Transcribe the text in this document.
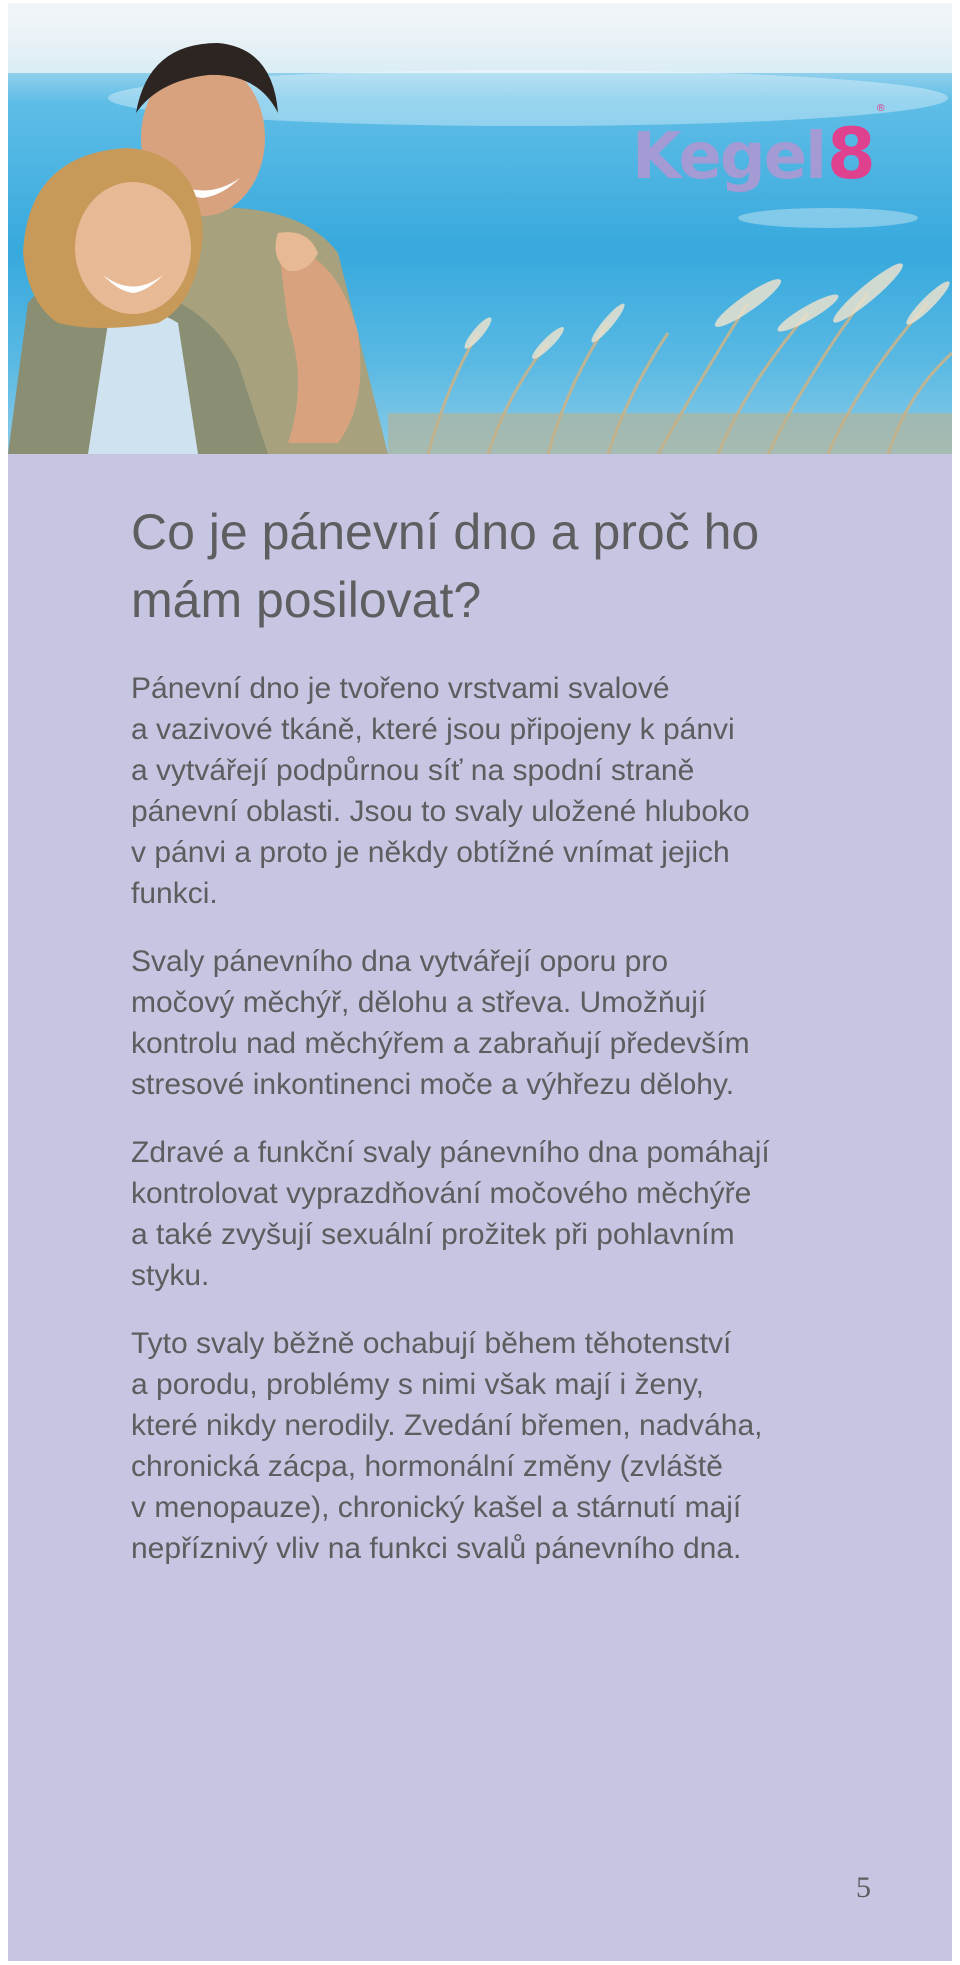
Kegel 8
®
Co je pánevní dno a proč ho mám posilovat?

Pánevní dno je tvořeno vrstvami svalové
a vazivové tkáně, které jsou připojeny k pánvi
a vytvářejí podpůrnou síť na spodní straně
pánevní oblasti. Jsou to svaly uložené hluboko
v pánvi a proto je někdy obtížné vnímat jejich
funkci.

Svaly pánevního dna vytvářejí oporu pro
močový měchýř, dělohu a střeva. Umožňují
kontrolu nad měchýřem a zabraňují především
stresové inkontinenci moče a výhřezu dělohy.

Zdravé a funkční svaly pánevního dna pomáhají
kontrolovat vyprazdňování močového měchýře
a také zvyšují sexuální prožitek při pohlavním
styku.

Tyto svaly běžně ochabují během těhotenství
a porodu, problémy s nimi však mají i ženy,
které nikdy nerodily. Zvedání břemen, nadváha,
chronická zácpa, hormonální změny (zvláště
v menopauze), chronický kašel a stárnutí mají
nepříznivý vliv na funkci svalů pánevního dna.

5
